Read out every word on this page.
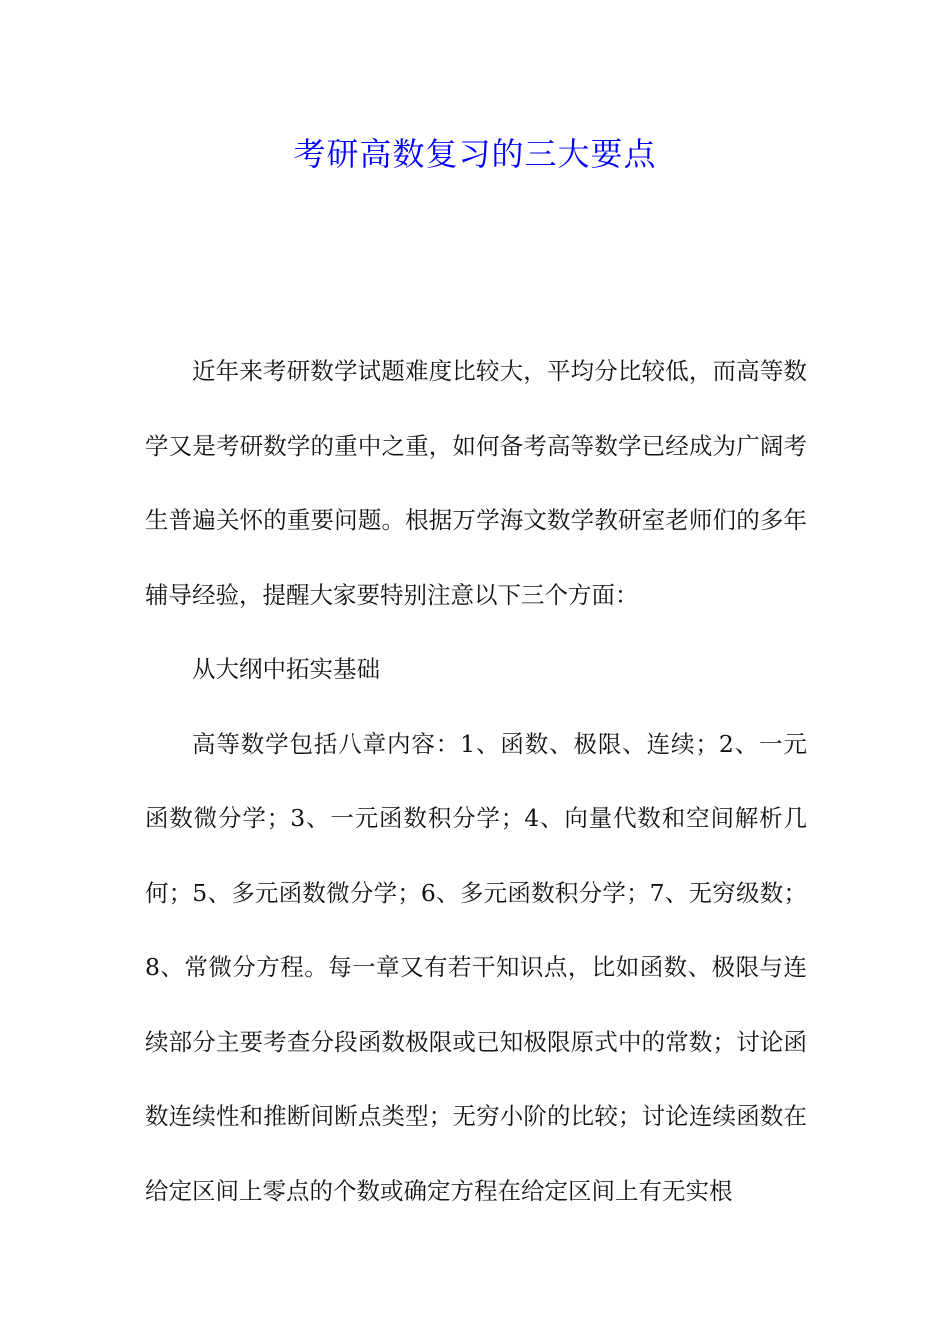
考研高数复习的三大要点

近年来考研数学试题难度比较大，平均分比较低，而高等数学又是考研数学的重中之重，如何备考高等数学已经成为广阔考生普遍关怀的重要问题。根据万学海文数学教研室老师们的多年辅导经验，提醒大家要特别注意以下三个方面：

从大纲中拓实基础

高等数学包括八章内容：1、函数、极限、连续；2、一元函数微分学；3、一元函数积分学；4、向量代数和空间解析几何；5、多元函数微分学；6、多元函数积分学；7、无穷级数；8、常微分方程。每一章又有若干知识点，比如函数、极限与连续部分主要考查分段函数极限或已知极限原式中的常数；讨论函数连续性和推断间断点类型；无穷小阶的比较；讨论连续函数在给定区间上零点的个数或确定方程在给定区间上有无实根
